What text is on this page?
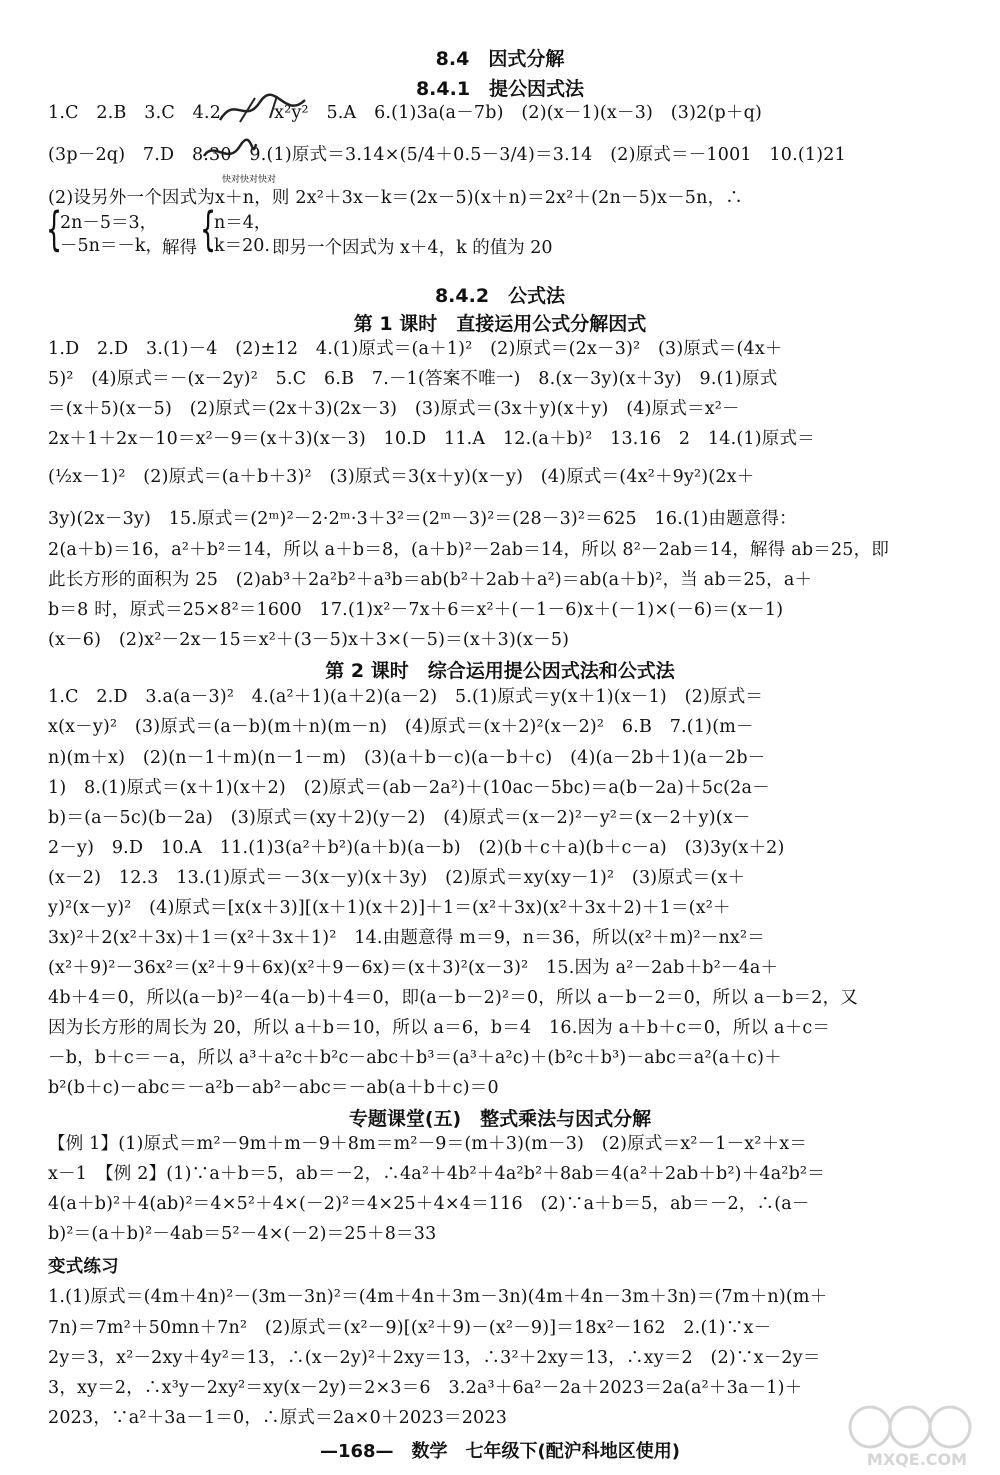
8.4　因式分解
8.4.1　提公因式法
1.C　2.B　3.C　4.2　　　x²y²　5.A　6.(1)3a(a－7b)　(2)(x－1)(x－3)　(3)2(p＋q)
(3p－2q)　7.D　8.30　9.(1)原式＝3.14×(5/4＋0.5－3/4)＝3.14　(2)原式＝－1001　10.(1)21
(2)设另外一个因式为x＋n，则 2x²＋3x－k＝(2x－5)(x＋n)＝2x²＋(2n－5)x－5n，∴
快对快对快对
{
2n－5＝3，
－5n＝－k，
解得 {
n＝4，
k＝20. 即另一个因式为 x＋4，k 的值为 20
8.4.2　公式法
第 1 课时　直接运用公式分解因式
1.D　2.D　3.(1)－4　(2)±12　4.(1)原式＝(a＋1)²　(2)原式＝(2x－3)²　(3)原式＝(4x＋
5)²　(4)原式＝－(x－2y)²　5.C　6.B　7.－1(答案不唯一)　8.(x－3y)(x＋3y)　9.(1)原式
＝(x＋5)(x－5)　(2)原式＝(2x＋3)(2x－3)　(3)原式＝(3x＋y)(x＋y)　(4)原式＝x²－
2x＋1＋2x－10＝x²－9＝(x＋3)(x－3)　10.D　11.A　12.(a＋b)²　13.16　2　14.(1)原式＝
(½x－1)²　(2)原式＝(a＋b＋3)²　(3)原式＝3(x＋y)(x－y)　(4)原式＝(4x²＋9y²)(2x＋
3y)(2x－3y)　15.原式＝(2ᵐ)²－2·2ᵐ·3＋3²＝(2ᵐ－3)²＝(28－3)²＝625　16.(1)由题意得：
2(a＋b)＝16，a²＋b²＝14，所以 a＋b＝8，(a＋b)²－2ab＝14，所以 8²－2ab＝14，解得 ab＝25，即
此长方形的面积为 25　(2)ab³＋2a²b²＋a³b＝ab(b²＋2ab＋a²)＝ab(a＋b)²，当 ab＝25，a＋
b＝8 时，原式＝25×8²＝1600　17.(1)x²－7x＋6＝x²＋(－1－6)x＋(－1)×(－6)＝(x－1)
(x－6)　(2)x²－2x－15＝x²＋(3－5)x＋3×(－5)＝(x＋3)(x－5)
第 2 课时　综合运用提公因式法和公式法
1.C　2.D　3.a(a－3)²　4.(a²＋1)(a＋2)(a－2)　5.(1)原式＝y(x＋1)(x－1)　(2)原式＝
x(x－y)²　(3)原式＝(a－b)(m＋n)(m－n)　(4)原式＝(x＋2)²(x－2)²　6.B　7.(1)(m－
n)(m＋x)　(2)(n－1＋m)(n－1－m)　(3)(a＋b－c)(a－b＋c)　(4)(a－2b＋1)(a－2b－
1)　8.(1)原式＝(x＋1)(x＋2)　(2)原式＝(ab－2a²)＋(10ac－5bc)＝a(b－2a)＋5c(2a－
b)＝(a－5c)(b－2a)　(3)原式＝(xy＋2)(y－2)　(4)原式＝(x－2)²－y²＝(x－2＋y)(x－
2－y)　9.D　10.A　11.(1)3(a²＋b²)(a＋b)(a－b)　(2)(b＋c＋a)(b＋c－a)　(3)3y(x＋2)
(x－2)　12.3　13.(1)原式＝－3(x－y)(x＋3y)　(2)原式＝xy(xy－1)²　(3)原式＝(x＋
y)²(x－y)²　(4)原式＝[x(x＋3)][(x＋1)(x＋2)]＋1＝(x²＋3x)(x²＋3x＋2)＋1＝(x²＋
3x)²＋2(x²＋3x)＋1＝(x²＋3x＋1)²　14.由题意得 m＝9，n＝36，所以(x²＋m)²－nx²＝
(x²＋9)²－36x²＝(x²＋9＋6x)(x²＋9－6x)＝(x＋3)²(x－3)²　15.因为 a²－2ab＋b²－4a＋
4b＋4＝0，所以(a－b)²－4(a－b)＋4＝0，即(a－b－2)²＝0，所以 a－b－2＝0，所以 a－b＝2，又
因为长方形的周长为 20，所以 a＋b＝10，所以 a＝6，b＝4　16.因为 a＋b＋c＝0，所以 a＋c＝
－b，b＋c＝－a，所以 a³＋a²c＋b²c－abc＋b³＝(a³＋a²c)＋(b²c＋b³)－abc＝a²(a＋c)＋
b²(b＋c)－abc＝－a²b－ab²－abc＝－ab(a＋b＋c)＝0
专题课堂(五)　整式乘法与因式分解
【例 1】(1)原式＝m²－9m＋m－9＋8m＝m²－9＝(m＋3)(m－3)　(2)原式＝x²－1－x²＋x＝
x－1　【例 2】(1)∵a＋b＝5，ab＝－2，∴4a²＋4b²＋4a²b²＋8ab＝4(a²＋2ab＋b²)＋4a²b²＝
4(a＋b)²＋4(ab)²＝4×5²＋4×(－2)²＝4×25＋4×4＝116　(2)∵a＋b＝5，ab＝－2，∴(a－
b)²＝(a＋b)²－4ab＝5²－4×(－2)＝25＋8＝33
变式练习
1.(1)原式＝(4m＋4n)²－(3m－3n)²＝(4m＋4n＋3m－3n)(4m＋4n－3m＋3n)＝(7m＋n)(m＋
7n)＝7m²＋50mn＋7n²　(2)原式＝(x²－9)[(x²＋9)－(x²－9)]＝18x²－162　2.(1)∵x－
2y＝3，x²－2xy＋4y²＝13，∴(x－2y)²＋2xy＝13，∴3²＋2xy＝13，∴xy＝2　(2)∵x－2y＝
3，xy＝2，∴x³y－2xy²＝xy(x－2y)＝2×3＝6　3.2a³＋6a²－2a＋2023＝2a(a²＋3a－1)＋
2023，∵a²＋3a－1＝0，∴原式＝2a×0＋2023＝2023
—168—　数学　七年级下(配沪科地区使用)	MXQE.COM
